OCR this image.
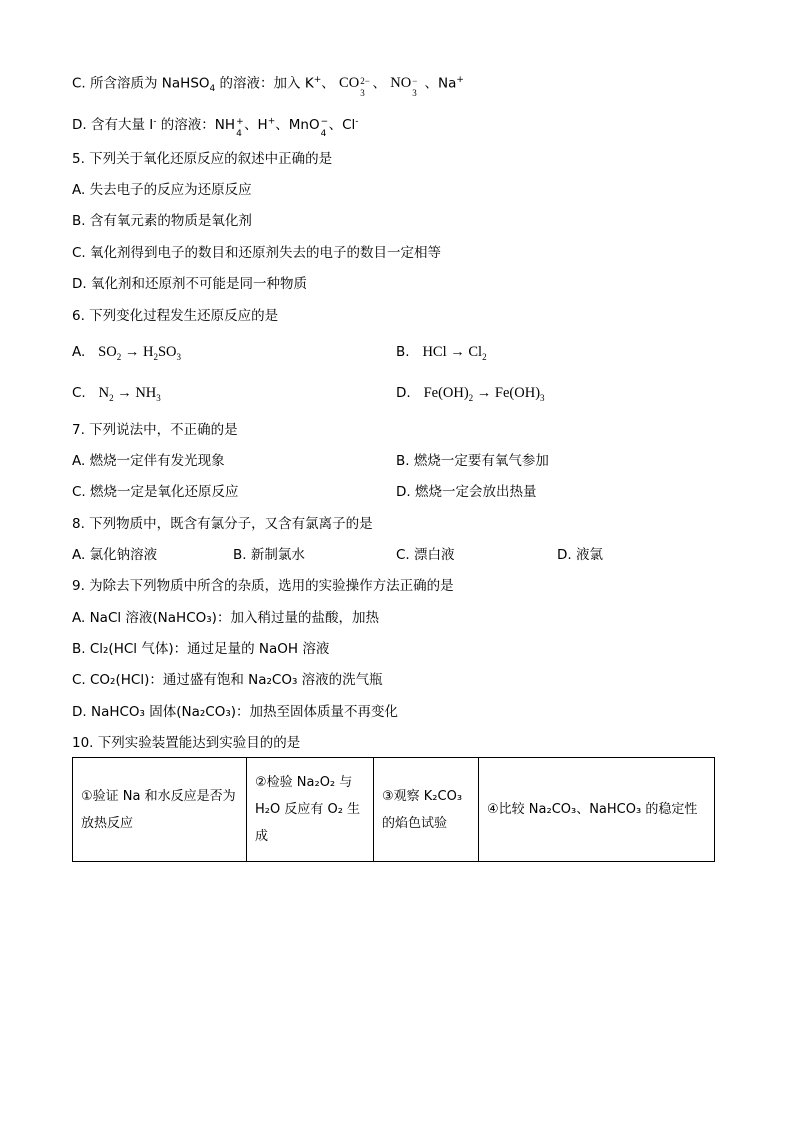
C. 所含溶质为 NaHSO$_4$ 的溶液：加入 K+、 CO 2−
3
、 NO −
3
、Na+
D. 含有大量 I- 的溶液：NH +
4
、H+、MnO −
4
、Cl-
5. 下列关于氧化还原反应的叙述中正确的是
A. 失去电子的反应为还原反应
B. 含有氧元素的物质是氧化剂
C. 氧化剂得到电子的数目和还原剂失去的电子的数目一定相等
D. 氧化剂和还原剂不可能是同一种物质
6. 下列变化过程发生还原反应的是
A. $SO_2 \to H_2SO_3$	B. HCl → $Cl_2$
C. $N_2 \to NH_3$	D. $Fe(OH)_2 \to Fe(OH)_3$
7. 下列说法中，不正确的是
A. 燃烧一定伴有发光现象	B. 燃烧一定要有氧气参加
C. 燃烧一定是氧化还原反应	D. 燃烧一定会放出热量
8. 下列物质中，既含有氯分子，又含有氯离子的是
A. 氯化钠溶液	B. 新制氯水	C. 漂白液	D. 液氯
9. 为除去下列物质中所含的杂质，选用的实验操作方法正确的是
A. NaCl 溶液(NaHCO₃)：加入稍过量的盐酸，加热
B. Cl₂(HCl 气体)：通过足量的 NaOH 溶液
C. CO₂(HCl)：通过盛有饱和 Na₂CO₃ 溶液的洗气瓶
D. NaHCO₃ 固体(Na₂CO₃)：加热至固体质量不再变化
10. 下列实验装置能达到实验目的的是
①验证 Na 和水反应是否为放热反应	②检验 Na₂O₂ 与 H₂O 反应有 O₂ 生成	③观察 K₂CO₃ 的焰色试验	④比较 Na₂CO₃、NaHCO₃ 的稳定性
